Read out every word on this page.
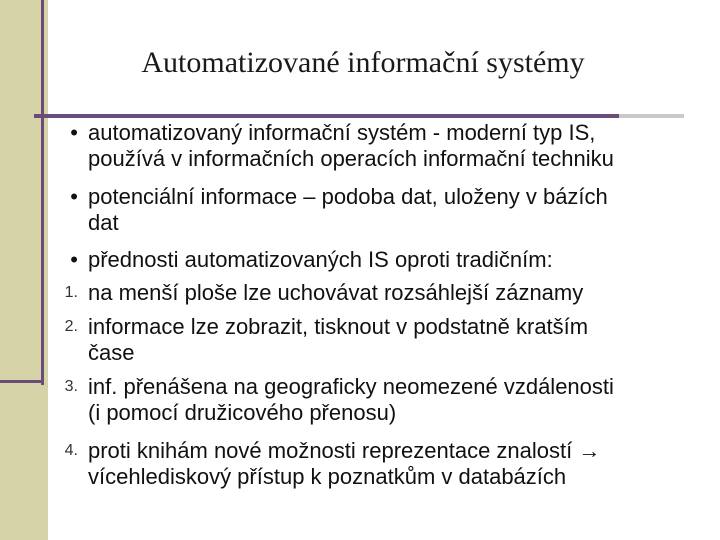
Automatizované informační systémy
• automatizovaný informační systém - moderní typ IS,
používá v informačních operacích informační techniku
• potenciální informace – podoba dat, uloženy v bázích
dat
• přednosti automatizovaných IS oproti tradičním:
1. na menší ploše lze uchovávat rozsáhlejší záznamy
2. informace lze zobrazit, tisknout v podstatně kratším
čase
3. inf. přenášena na geograficky neomezené vzdálenosti
(i pomocí družicového přenosu)
4. proti knihám nové možnosti reprezentace znalostí →
vícehlediskový přístup k poznatkům v databázích
